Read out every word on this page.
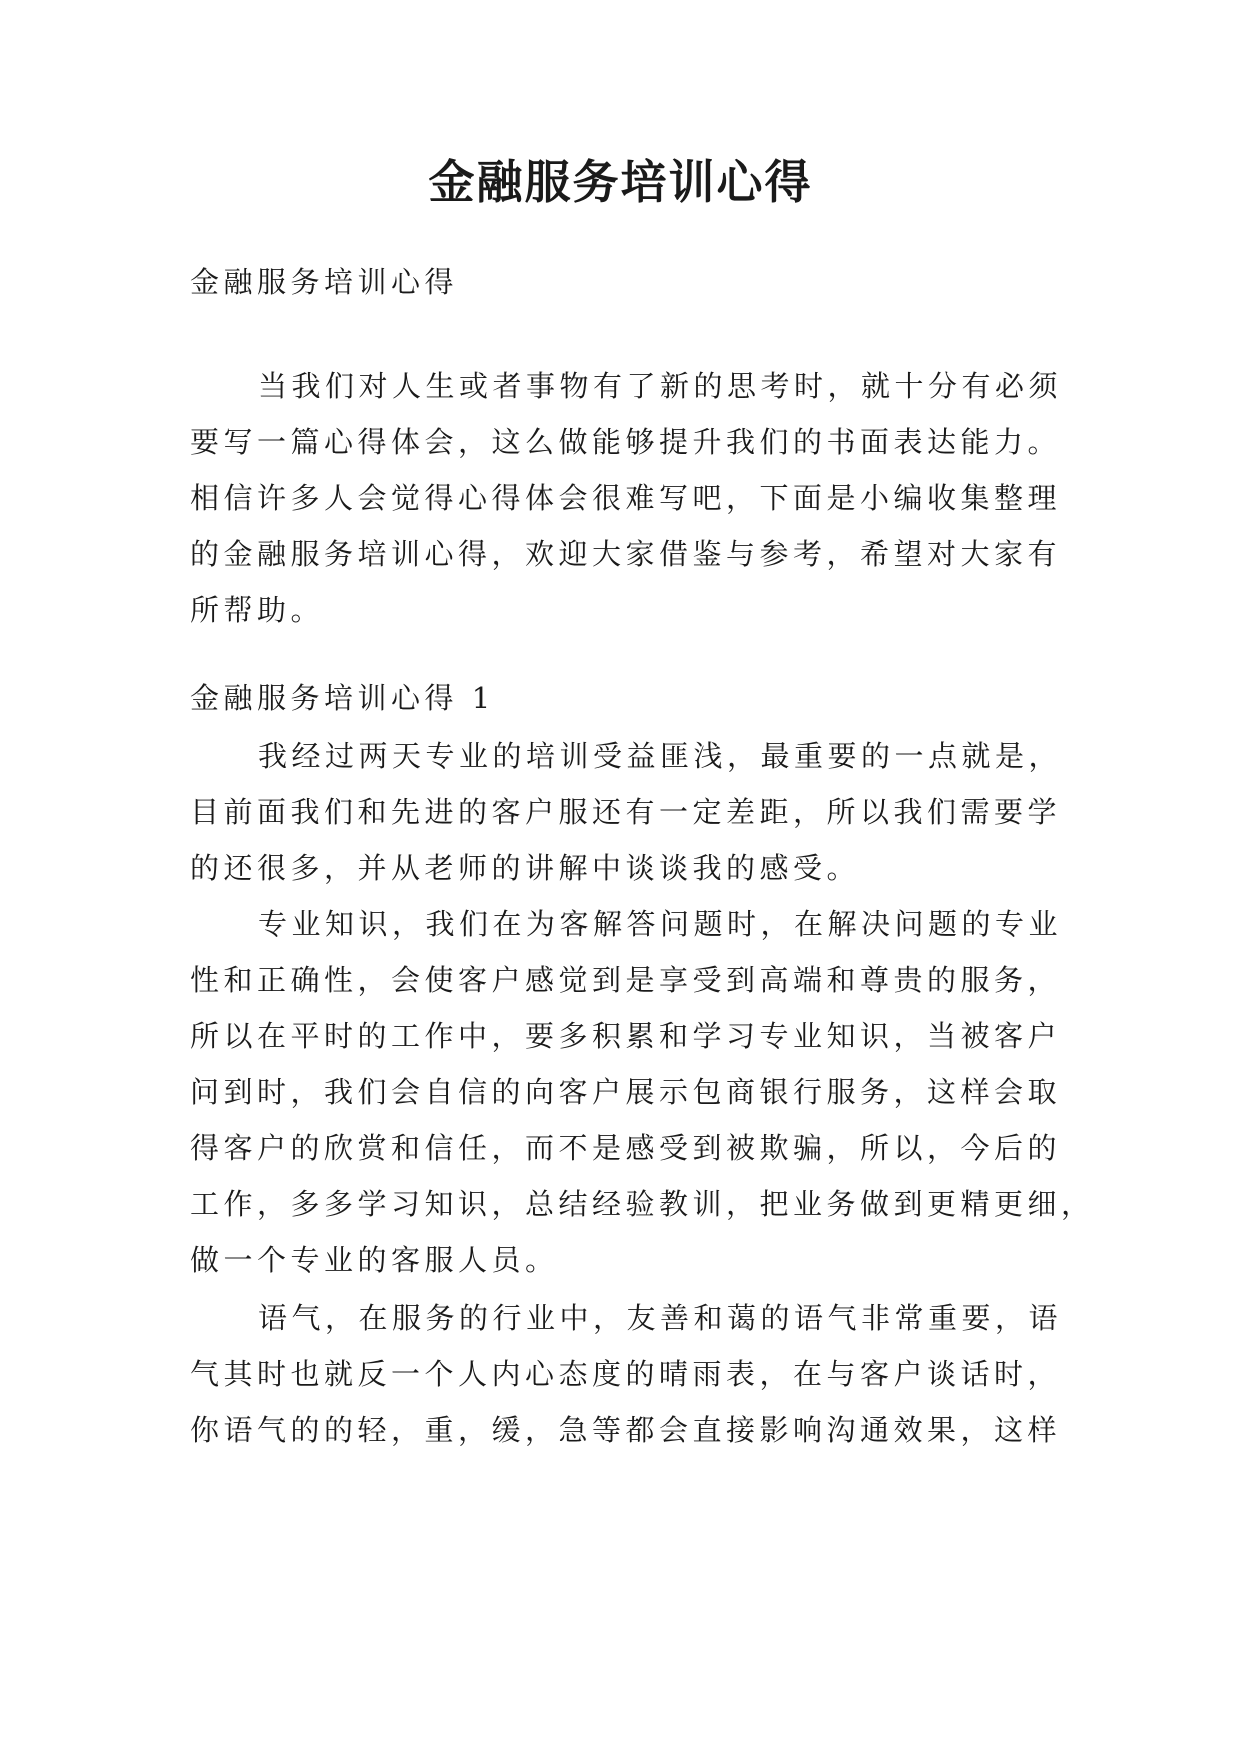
金融服务培训心得

金融服务培训心得

当我们对人生或者事物有了新的思考时，就十分有必须
要写一篇心得体会，这么做能够提升我们的书面表达能力。
相信许多人会觉得心得体会很难写吧，下面是小编收集整理
的金融服务培训心得，欢迎大家借鉴与参考，希望对大家有
所帮助。

金融服务培训心得 1

我经过两天专业的培训受益匪浅，最重要的一点就是，
目前面我们和先进的客户服还有一定差距，所以我们需要学
的还很多，并从老师的讲解中谈谈我的感受。
专业知识，我们在为客解答问题时，在解决问题的专业
性和正确性，会使客户感觉到是享受到高端和尊贵的服务，
所以在平时的工作中，要多积累和学习专业知识，当被客户
问到时，我们会自信的向客户展示包商银行服务，这样会取
得客户的欣赏和信任，而不是感受到被欺骗，所以，今后的
工作，多多学习知识，总结经验教训，把业务做到更精更细，
做一个专业的客服人员。
语气，在服务的行业中，友善和蔼的语气非常重要，语
气其时也就反一个人内心态度的晴雨表，在与客户谈话时，
你语气的的轻，重，缓，急等都会直接影响沟通效果，这样
